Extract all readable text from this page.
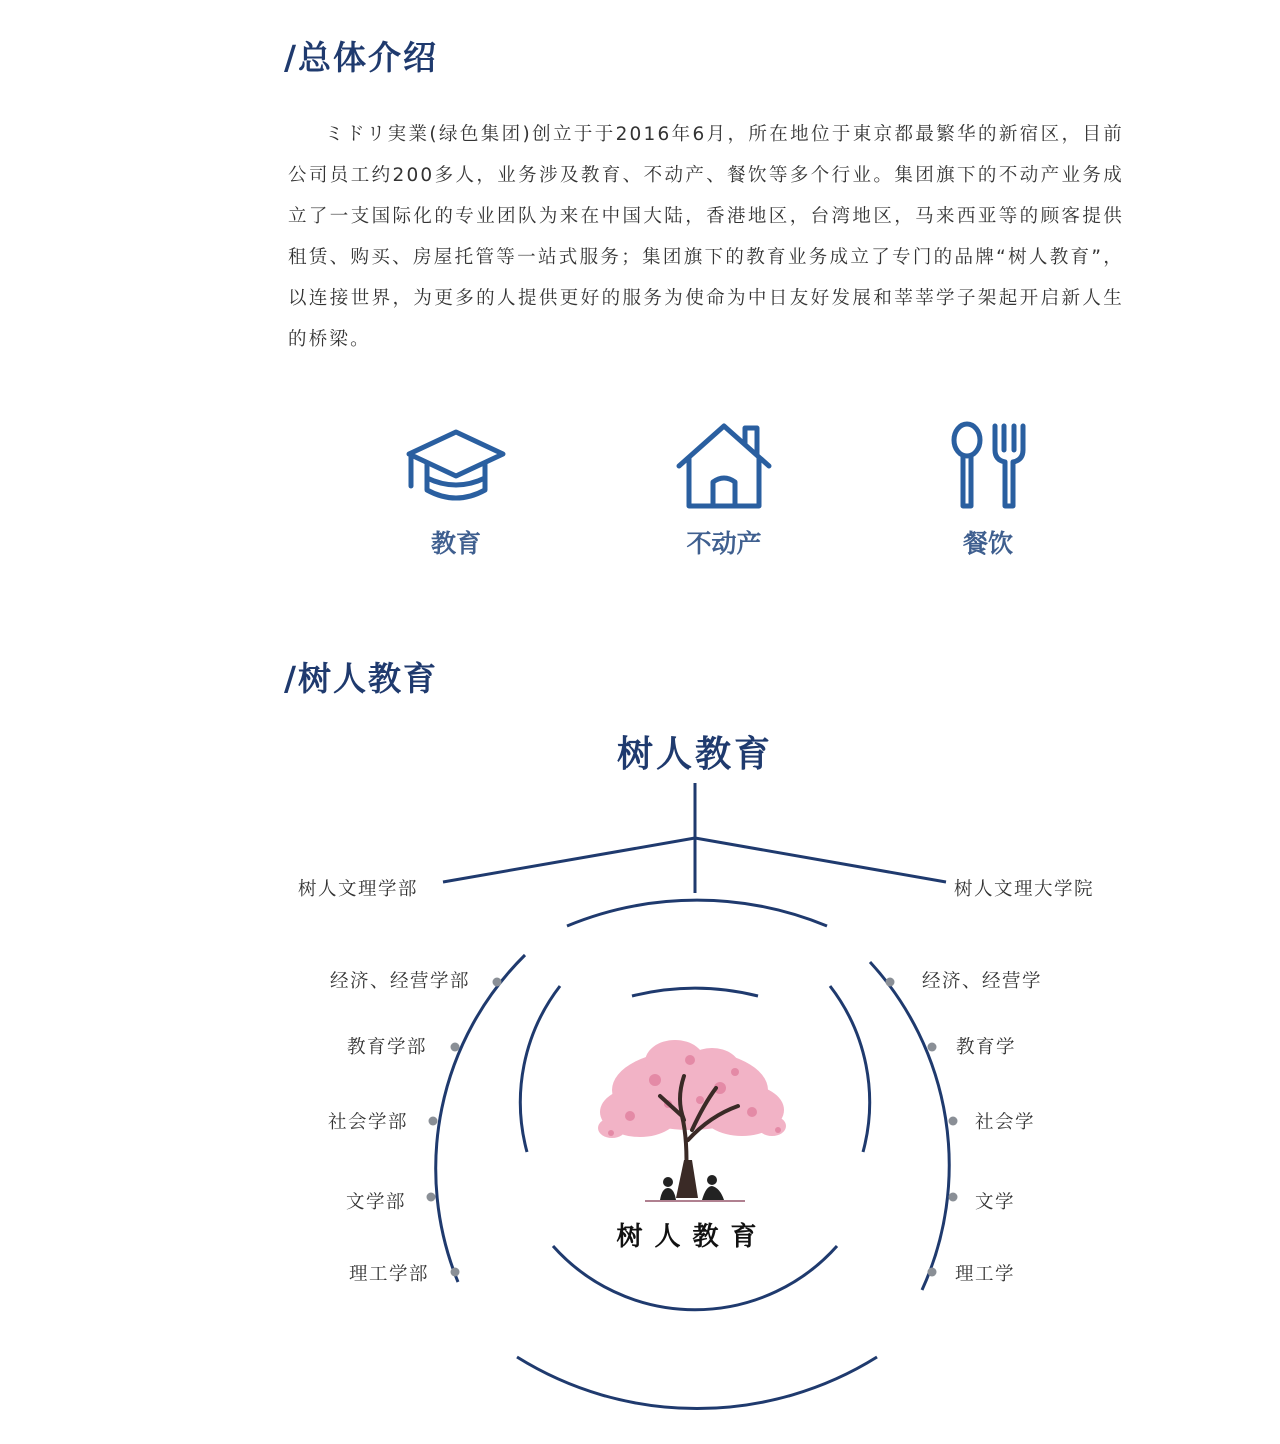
/总体介绍

ミドリ実業(绿色集团)创立于于2016年6月，所在地位于東京都最繁华的新宿区，目前公司员工约200多人，业务涉及教育、不动产、餐饮等多个行业。集团旗下的不动产业务成立了一支国际化的专业团队为来在中国大陆，香港地区，台湾地区，马来西亚等的顾客提供租赁、购买、房屋托管等一站式服务；集团旗下的教育业务成立了专门的品牌“树人教育”，以连接世界，为更多的人提供更好的服务为使命为中日友好发展和莘莘学子架起开启新人生的桥梁。

教育	不动产	餐饮
/树人教育
树人教育
树人文理学部	树人文理大学院
经济、经营学部
教育学部
社会学部
文学部
理工学部
经济、经营学
教育学
社会学
文学
理工学
树人教育
